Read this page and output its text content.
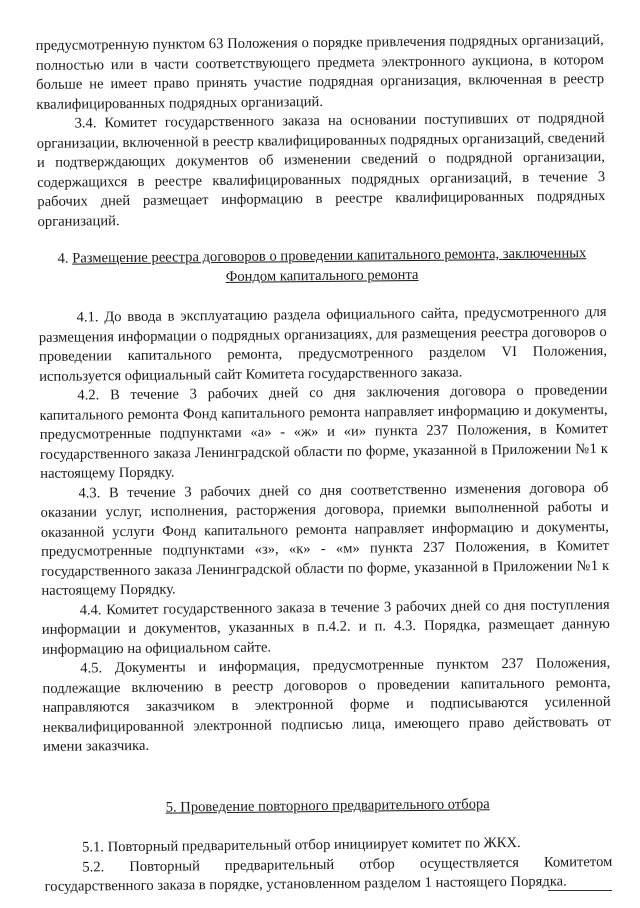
предусмотренную пунктом 63 Положения о порядке привлечения подрядных организаций, полностью или в части соответствующего предмета электронного аукциона, в котором больше не имеет право принять участие подрядная организация, включенная в реестр квалифицированных подрядных организаций.

3.4. Комитет государственного заказа на основании поступивших от подрядной организации, включенной в реестр квалифицированных подрядных организаций, сведений и подтверждающих документов об изменении сведений о подрядной организации, содержащихся в реестре квалифицированных подрядных организаций, в течение 3 рабочих дней размещает информацию в реестре квалифицированных подрядных организаций.

4. Размещение реестра договоров о проведении капитального ремонта, заключенных Фондом капитального ремонта

4.1. До ввода в эксплуатацию раздела официального сайта, предусмотренного для размещения информации о подрядных организациях, для размещения реестра договоров о проведении капитального ремонта, предусмотренного разделом VI Положения, используется официальный сайт Комитета государственного заказа.

4.2. В течение 3 рабочих дней со дня заключения договора о проведении капитального ремонта Фонд капитального ремонта направляет информацию и документы, предусмотренные подпунктами «а» - «ж» и «и» пункта 237 Положения, в Комитет государственного заказа Ленинградской области по форме, указанной в Приложении №1 к настоящему Порядку.

4.3. В течение 3 рабочих дней со дня соответственно изменения договора об оказании услуг, исполнения, расторжения договора, приемки выполненной работы и оказанной услуги Фонд капитального ремонта направляет информацию и документы, предусмотренные подпунктами «з», «к» - «м» пункта 237 Положения, в Комитет государственного заказа Ленинградской области по форме, указанной в Приложении №1 к настоящему Порядку.

4.4. Комитет государственного заказа в течение 3 рабочих дней со дня поступления информации и документов, указанных в п.4.2. и п. 4.3. Порядка, размещает данную информацию на официальном сайте.

4.5. Документы и информация, предусмотренные пунктом 237 Положения, подлежащие включению в реестр договоров о проведении капитального ремонта, направляются заказчиком в электронной форме и подписываются усиленной неквалифицированной электронной подписью лица, имеющего право действовать от имени заказчика.

5. Проведение повторного предварительного отбора

5.1. Повторный предварительный отбор инициирует комитет по ЖКХ.

5.2. Повторный предварительный отбор осуществляется Комитетом государственного заказа в порядке, установленном разделом 1 настоящего Порядка.
